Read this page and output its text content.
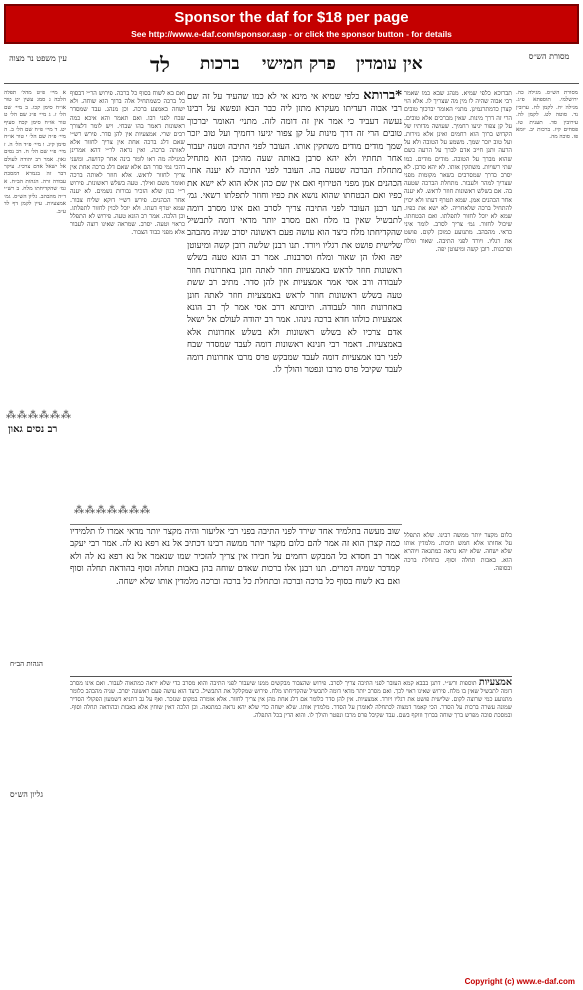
Sponsor the daf for $18 per page
See http://www.e-daf.com/sponsor.asp - or click the sponsor button - for details
עין משפט נר מצוה	לד ברכות פרק חמישי אין עומדין	מסורת הש״ס
מסורת הש״ס. מגילה כה. ירושלמי. תוספתא פ״ג. מגילה יח. לקמן לח. ערובין נד. סוטה לט. לקמן לה. עירובין סד. תענית טז. פסחים קיז. ברכות יב. יומא פז. סוכה מה.
תברוכא כלפי שמיא. מנהג שבא כמו שאמר רבי אבוה שהיה לו מין מה שצריך לו. אלא הוי קצרן כדמתרגמינן. מתני׳ האומר יברכוך טובים הרי זה דרך מינות. שאין מברכים אלא טובים. על קן צפור יגיעו רחמיך. שעושה מדותיו של הקדוש ברוך הוא רחמים ואינן אלא גזירות. ועל טוב יזכר שמך. משמע על הטובה ולא על הרעה ותנן חייב אדם לברך על הרעה כשם שהוא מברך על הטובה. מודים מודים. כמו שתי רשויות. משתקין אותו. לא יהא סרבן. לא יסרב כדרך שמסרבים בשאר מקומות מפני שצריך למהר ולעבור. מתחלת הברכה שטעה בה. אם בשלש ראשונות חוזר לראש. לא יענה אחר הכהנים אמן. שמא תטרף דעתו ולא יכוין להתחיל ברכה שלאחריה. לא ישא את כפיו. שמא לא יוכל לחזור לתפלתו. ואם הבטחתו. שיכול לחזור. גמ׳ צריך לסרב. לומר איני כדאי. מהבהב. מתנועע כמוכן לקום. פושט את רגליו. ויורד לפני התיבה. שאור ומלח וסרבנות. רובן קשה ומיעוטן יפה.
*ברותא כלפי שמיא אי מינא אי לא כמו שהעיד על זה שם רבי אבוה דעדיתו מעקרא מתזן ליה כבר הבא ונפשא על רבינו נעשה דעביד כי אמר אין זה דומה לזה. מתני׳ האומר יברכוך טובים הרי זה דרך מינות על קן צפור יגיעו רחמיך ועל טוב יזכר שמך מודים מודים משתקין אותו. העובר לפני התיבה וטעה יעבור אחר תחתיו ולא יהא סרבן באותה שעה מהיכן הוא מתחיל מתחלת הברכה שטעה בה. העובר לפני התיבה לא יענה אחר הכהנים אמן מפני הטירוף ואם אין שם כהן אלא הוא לא ישא את כפיו ואם הבטחתו שהוא נושא את כפיו וחוזר לתפלתו רשאי. גמ׳ תנו רבנן העובר לפני התיבה צריך לסרב ואם אינו מסרב דומה לתבשיל שאין בו מלח ואם מסרב יותר מדאי דומה לתבשיל שהקדיחתו מלח כיצד הוא עושה פעם ראשונה יסרב שניה מהבהב שלישית פושט את רגליו ויורד. תנו רבנן שלשה רובן קשה ומיעוטן יפה ואלו הן שאור ומלח וסרבנות. אמר רב הונא טעה בשלש ראשונות חוזר לראש באמצעיות חוזר לאתה חונן באחרונות חוזר לעבודה ורב אסי אמר אמצעיות אין להן סדר. מתיב רב ששת טעה בשלש ראשונות חוזר לראש באמצעיות חוזר לאתה חונן באחרונות חוזר לעבודה. תיובתא דרב אסי אמר לך רב הונא אמצעיות כולהו חדא ברכה נינהו. אמר רב יהודה לעולם אל ישאל אדם צרכיו לא בשלש ראשונות ולא בשלש אחרונות אלא באמצעיות. דאמר רבי חנינא ראשונות דומה לעבד שמסדר שבח לפני רבו אמצעיות דומה לעבד שמבקש פרס מרבו אחרונות דומה לעבד שקיבל פרס מרבו ונפטר והולך לו.
ואם בא לשוח בסוף כל ברכה. פירוש הר״י דבסוף כל ברכה כשמתחיל אלה ברוך הוא שוחה. ולא ישחה באמצע ברכה. וכן מנהג. עבד שמסדר שבח לפני רבו. ואם תאמר והא איכא כמה ראשונות דאמר בהו שבחי. ויש לומר דלצורך רבים שרי. אמצעיות אין להן סדר. פירש רש״י שאם דלג ברכה אחת אין צריך לחזור אלא לאותה ברכה. ואין נראה לר״י דהא אמרינן במגילה מה ראו לומר בינה אחר קדושה. ומשני דהכי נמי סדר הם אלא שאם דלג ברכה אחת אין צריך לחזור לראש. אלא חוזר לאותה ברכה ואומר משם ואילך. טעה בשלש ראשונות. פירוש ר״י כגון שלא הזכיר גבורות גשמים. לא יענה אחר הכהנים. פירש רש״י דוקא שליח צבור. שמא יטרף דעתו. ולא יוכל לכוין לחזור לתפלתו. וכן הלכה. אמר רב הונא טעה. פירוש לא התפלל כראוי וטעה. יסרב. שמראה שאינו רוצה לעבור אלא מפני כבוד הצבור.
א מיי׳ פ״ט מהל׳ תפלה הלכה ג סמג עשין יט טור או״ח סימן קכו. ב מיי׳ שם הל׳ ז. ג מיי׳ פ״ג שם הל׳ ט טור או״ח סימן קכח סעיף יט. ד מיי׳ פ״ח שם הל׳ ב. ה מיי׳ פ״ה שם הל׳ י טור או״ח סימן קיג. ו מיי׳ פ״ד הל׳ ה. ז מיי׳ פ״י שם הל׳ ח. רב נסים גאון. אמר רב יהודה לעולם אל ישאל אדם צרכיו. עיקר דבר זה בגמרא דמסכת עבודה זרה. הגהות הב״ח. א גמ׳ שהקדיחתו מלח. ב רש״י ד״ה מהבהב. גליון הש״ס. גמ׳ אמצעיות. עיין לקמן דף לד ע״ב.
רב נסים גאון
⁂⁂⁂⁂⁂⁂
הגהות הב״ח
גליון הש״ס
⁂⁂⁂⁂⁂⁂⁂
כלום מקצר יותר ממשה רבינו. שלא התפלל על אחותו אלא חמש תיבות. מלמדין אותו שלא ישחה. שלא יהא נראה כמתגאה ויוהרא הוא. באבות תחלה וסוף. בתחלת ברכה ובסופה.
שוב מעשה בתלמיד אחד שירד לפני התיבה בפני רבי אליעזר והיה מקצר יותר מדאי אמרו לו תלמידיו כמה קצרן הוא זה אמר להם כלום מקצר יותר ממשה רבינו דכתיב אל נא רפא נא לה. אמר רבי יעקב אמר רב חסדא כל המבקש רחמים על חבירו אין צריך להזכיר שמו שנאמר אל נא רפא נא לה ולא קמדכר שמיה דמרים. תנו רבנן אלו ברכות שאדם שוחה בהן באבות תחלה וסוף בהודאה תחלה וסוף ואם בא לשוח בסוף כל ברכה וברכה ובתחלת כל ברכה וברכה מלמדין אותו שלא ישחה.
אמצעיות תוספות ורש״י. דתנן בבבא קמא העובר לפני התיבה צריך לסרב. פירוש שהצבור מבקשים ממנו שיעבור לפני התיבה והוא מסרב כדי שלא יראה כמתאוה לעבור. ואם אינו מסרב דומה לתבשיל שאין בו מלח. פירוש שאינו ראוי לכך. ואם מסרב יותר מדאי דומה לתבשיל שהקדיחתו מלח. פירוש שמקלקל את התבשיל. כיצד הוא עושה פעם ראשונה יסרב. שניה מהבהב כלומר מתנועע כמי שרוצה לקום. שלישית פושט את רגליו ויורד. אמצעיות. אין להן סדר כלומר אם דלג אחת מהן אין צריך לחזור. אלא אומרה במקום שנזכר. ואף על גב דתניא דשמעון הפקולי הסדיר שמונה עשרה ברכות על הסדר. הכי קאמר דמצוה לכתחלה לאומרן על הסדר. מלמדין אותו. שלא ישחה כדי שלא יהא נראה כמתגאה. וכן הלכה דאין שוחין אלא באבות ובהודאה תחלה וסוף. ובמסכת סוכה מפרש ברך שוחה בברוך וזוקף בשם. עבד שקיבל פרס מרבו ונפטר והולך לו. והוא הדין בכל התפלה.
Copyright (c) www.e-daf.com
